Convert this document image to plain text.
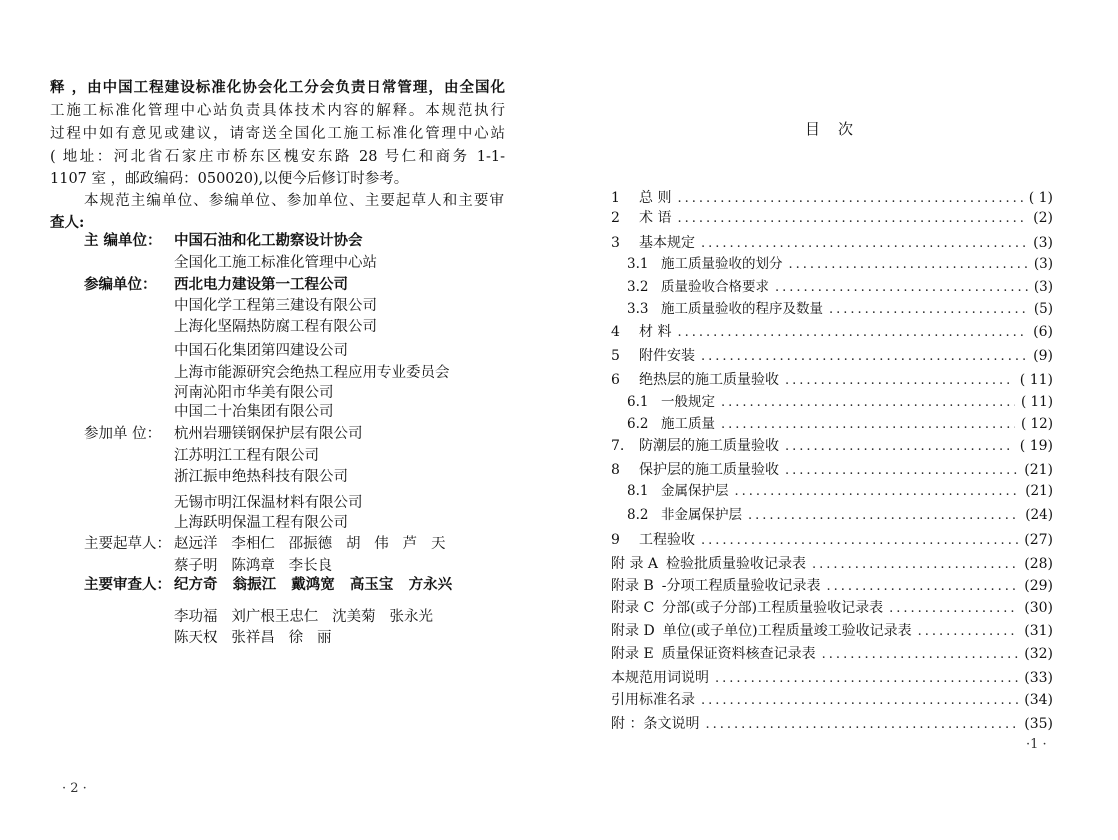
释 ，由中国工程建设标准化协会化工分会负责日常管理，由全国化

工施工标准化管理中心站负责具体技术内容的解释。本规范执行

过程中如有意见或建议，请寄送全国化工施工标准化管理中心站

( 地址：河北省石家庄市桥东区槐安东路 28 号仁和商务 1-1-

1107 室 ，邮政编码：050020),以便今后修订时参考。

本规范主编单位、参编单位、参加单位、主要起草人和主要审

查人:

主 编单位： 中国石油和化工勘察设计协会
全国化工施工标准化管理中心站
参编单位： 西北电力建设第一工程公司
中国化学工程第三建设有限公司
上海化坚隔热防腐工程有限公司
中国石化集团第四建设公司
上海市能源研究会绝热工程应用专业委员会
河南沁阳市华美有限公司
中国二十冶集团有限公司
参加单 位： 杭州岩珊镁钢保护层有限公司
江苏明江工程有限公司
浙江振申绝热科技有限公司
无锡市明江保温材料有限公司
上海跃明保温工程有限公司
主要起草人： 赵远洋   李相仁   邵振德   胡   伟   芦   天
蔡子明   陈鸿章   李长良
主要审查人： 纪方奇   翁振江   戴鸿宽   高玉宝   方永兴
李功福   刘广根王忠仁   沈美菊   张永光
陈天权   张祥昌   徐   丽
· 2 ·
目次
1	总 则 .....	( 1)
2	术 语 .....	(2)
3	基本规定 .....	(3)
3.1 施工质量验收的划分 .....	(3)
3.2 质量验收合格要求 .....	(3)
3.3 施工质量验收的程序及数量 .....	(5)
4	材 料 .....	(6)
5	附件安装 .....	(9)
6	绝热层的施工质量验收 .....	( 11)
6.1 一般规定 .....	( 11)
6.2 施工质量 .....	( 12)
7.	防潮层的施工质量验收 .....	( 19)
8	保护层的施工质量验收 .....	(21)
8.1 金属保护层 .....	(21)
8.2 非金属保护层 .....	(24)
9	工程验收 .....	(27)
附 录 A 检验批质量验收记录表 .....	(28)
附录 B -分项工程质量验收记录表 .....	(29)
附录 C 分部(或子分部)工程质量验收记录表 .....	(30)
附录 D 单位(或子单位)工程质量竣工验收记录表 .....	(31)
附录 E 质量保证资料核查记录表 .....	(32)
本规范用词说明 .....	(33)
引用标准名录 .....	(34)
附 ： 条文说明 .....	(35)
·1 ·
